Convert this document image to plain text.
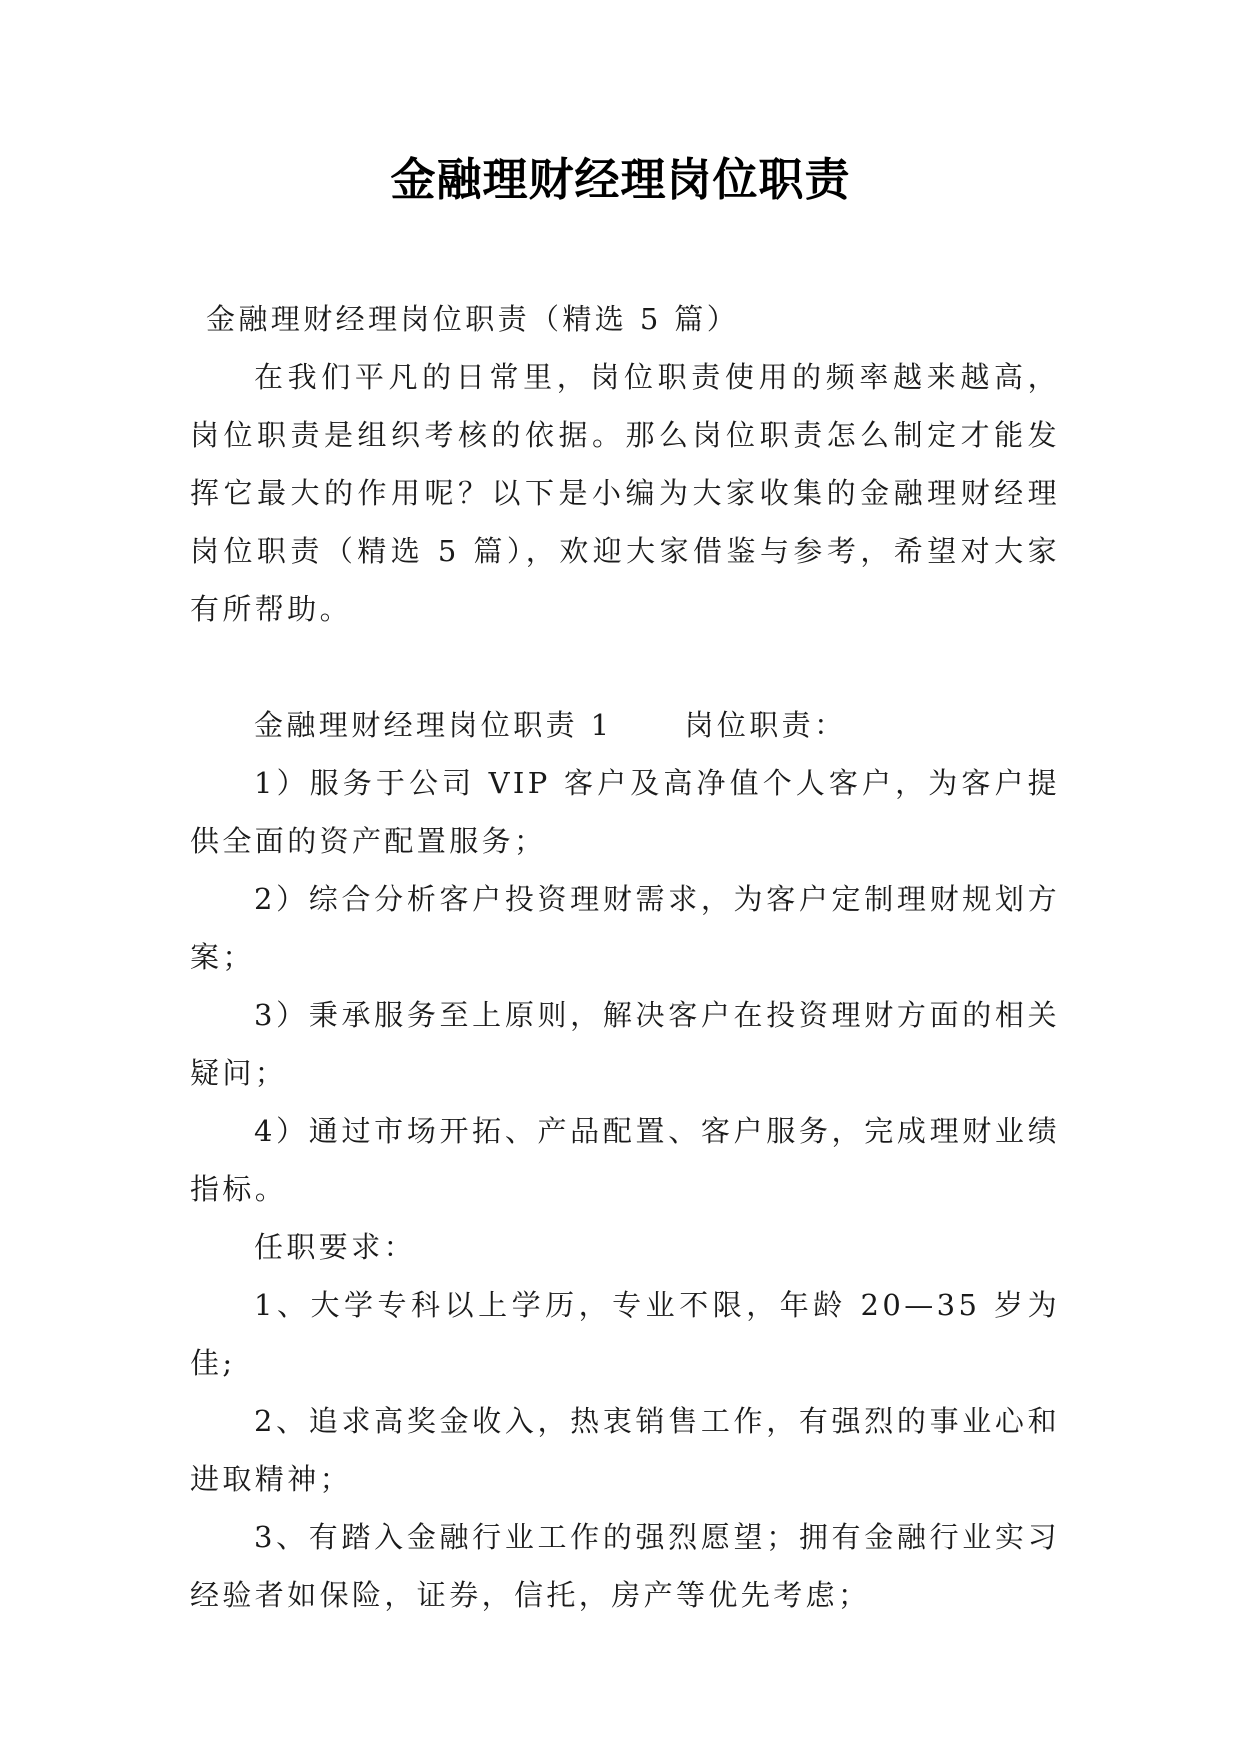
金融理财经理岗位职责

金融理财经理岗位职责（精选 5 篇）

在我们平凡的日常里，岗位职责使用的频率越来越高，岗位职责是组织考核的依据。那么岗位职责怎么制定才能发挥它最大的作用呢？以下是小编为大家收集的金融理财经理岗位职责（精选 5 篇），欢迎大家借鉴与参考，希望对大家有所帮助。

金融理财经理岗位职责 1 岗位职责：

1）服务于公司 VIP 客户及高净值个人客户，为客户提供全面的资产配置服务；

2）综合分析客户投资理财需求，为客户定制理财规划方案；

3）秉承服务至上原则，解决客户在投资理财方面的相关疑问；

4）通过市场开拓、产品配置、客户服务，完成理财业绩指标。

任职要求：

1、大学专科以上学历，专业不限，年龄 20—35 岁为佳;

2、追求高奖金收入，热衷销售工作，有强烈的事业心和进取精神；

3、有踏入金融行业工作的强烈愿望；拥有金融行业实习经验者如保险，证券，信托，房产等优先考虑；
